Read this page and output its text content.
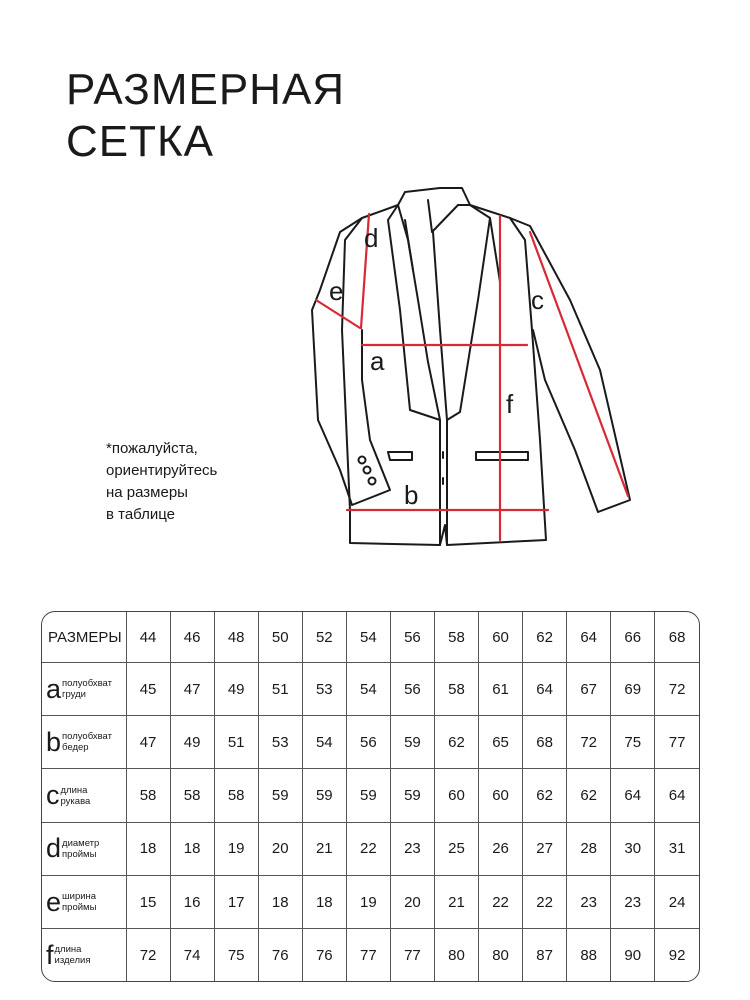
РАЗМЕРНАЯ
СЕТКА
a
b
c
d
e
f
*пожалуйста,
ориентируйтесь
на размеры
в таблице
РАЗМЕРЫ	44	46	48	50	52	54	56	58	60	62	64	66	68
a полуобхват
груди	45	47	49	51	53	54	56	58	61	64	67	69	72
b полуобхват
бедер	47	49	51	53	54	56	59	62	65	68	72	75	77
c длина
рукава	58	58	58	59	59	59	59	60	60	62	62	64	64
d диаметр
проймы	18	18	19	20	21	22	23	25	26	27	28	30	31
e ширина
проймы	15	16	17	18	18	19	20	21	22	22	23	23	24
f длина
изделия	72	74	75	76	76	77	77	80	80	87	88	90	92
